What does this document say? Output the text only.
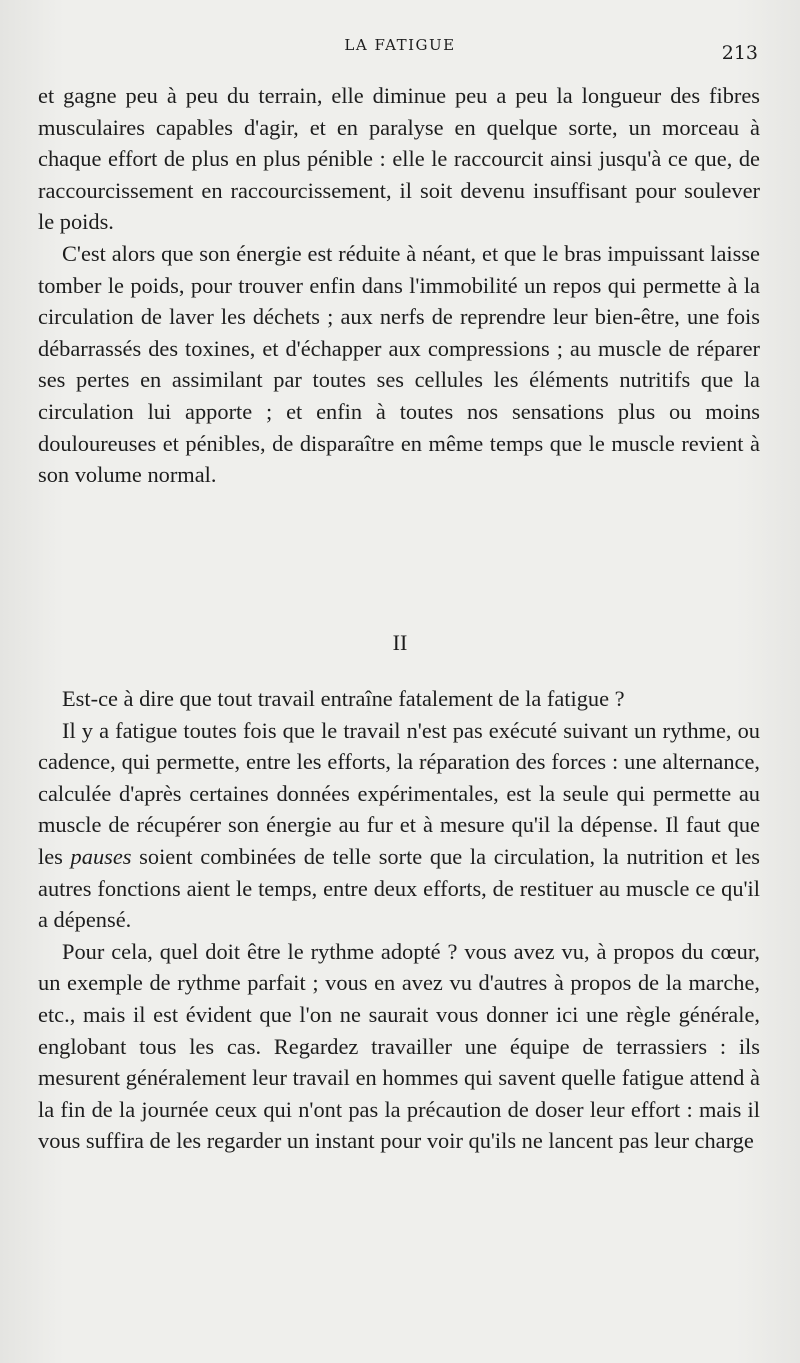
LA FATIGUE	213

et gagne peu à peu du terrain, elle diminue peu a peu la longueur des fibres musculaires capables d'agir, et en paralyse en quelque sorte, un morceau à chaque effort de plus en plus pénible : elle le raccourcit ainsi jusqu'à ce que, de raccourcissement en raccourcissement, il soit devenu insuffisant pour soulever le poids.

C'est alors que son énergie est réduite à néant, et que le bras impuissant laisse tomber le poids, pour trouver enfin dans l'immobilité un repos qui permette à la circulation de laver les déchets ; aux nerfs de reprendre leur bien-être, une fois débarrassés des toxines, et d'échapper aux compressions ; au muscle de réparer ses pertes en assimilant par toutes ses cellules les éléments nutritifs que la circulation lui apporte ; et enfin à toutes nos sensations plus ou moins douloureuses et pénibles, de disparaître en même temps que le muscle revient à son volume normal.

II

Est-ce à dire que tout travail entraîne fatalement de la fatigue ?

Il y a fatigue toutes fois que le travail n'est pas exécuté suivant un rythme, ou cadence, qui permette, entre les efforts, la réparation des forces : une alternance, calculée d'après certaines données expérimentales, est la seule qui permette au muscle de récupérer son énergie au fur et à mesure qu'il la dépense. Il faut que les pauses soient combinées de telle sorte que la circulation, la nutrition et les autres fonctions aient le temps, entre deux efforts, de restituer au muscle ce qu'il a dépensé.

Pour cela, quel doit être le rythme adopté ? vous avez vu, à propos du cœur, un exemple de rythme parfait ; vous en avez vu d'autres à propos de la marche, etc., mais il est évident que l'on ne saurait vous donner ici une règle générale, englobant tous les cas. Regardez travailler une équipe de terrassiers : ils mesurent généralement leur travail en hommes qui savent quelle fatigue attend à la fin de la journée ceux qui n'ont pas la précaution de doser leur effort : mais il vous suffira de les regarder un instant pour voir qu'ils ne lancent pas leur charge
